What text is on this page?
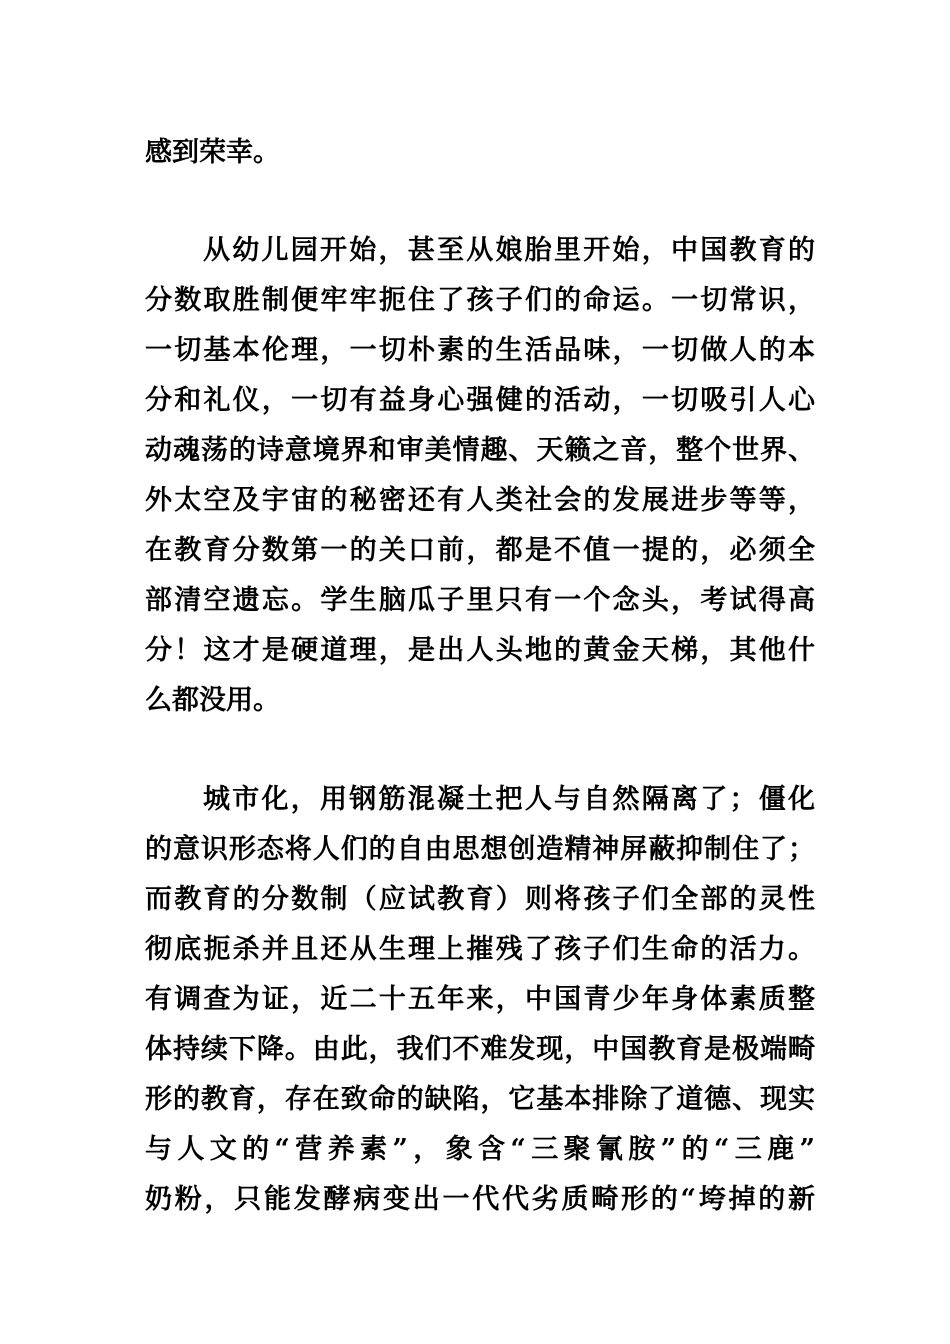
感到荣幸。
从幼儿园开始，甚至从娘胎里开始，中国教育的
分数取胜制便牢牢扼住了孩子们的命运。一切常识，
一切基本伦理，一切朴素的生活品味，一切做人的本
分和礼仪，一切有益身心强健的活动，一切吸引人心
动魂荡的诗意境界和审美情趣、天籁之音，整个世界、
外太空及宇宙的秘密还有人类社会的发展进步等等，
在教育分数第一的关口前，都是不值一提的，必须全
部清空遗忘。学生脑瓜子里只有一个念头，考试得高
分！这才是硬道理，是出人头地的黄金天梯，其他什
么都没用。
城市化，用钢筋混凝土把人与自然隔离了；僵化
的意识形态将人们的自由思想创造精神屏蔽抑制住了；
而教育的分数制（应试教育）则将孩子们全部的灵性
彻底扼杀并且还从生理上摧残了孩子们生命的活力。
有调查为证，近二十五年来，中国青少年身体素质整
体持续下降。由此，我们不难发现，中国教育是极端畸
形的教育，存在致命的缺陷，它基本排除了道德、现实
与人文的“营养素”，象含“三聚氰胺”的“三鹿”
奶粉，只能发酵病变出一代代劣质畸形的“垮掉的新
